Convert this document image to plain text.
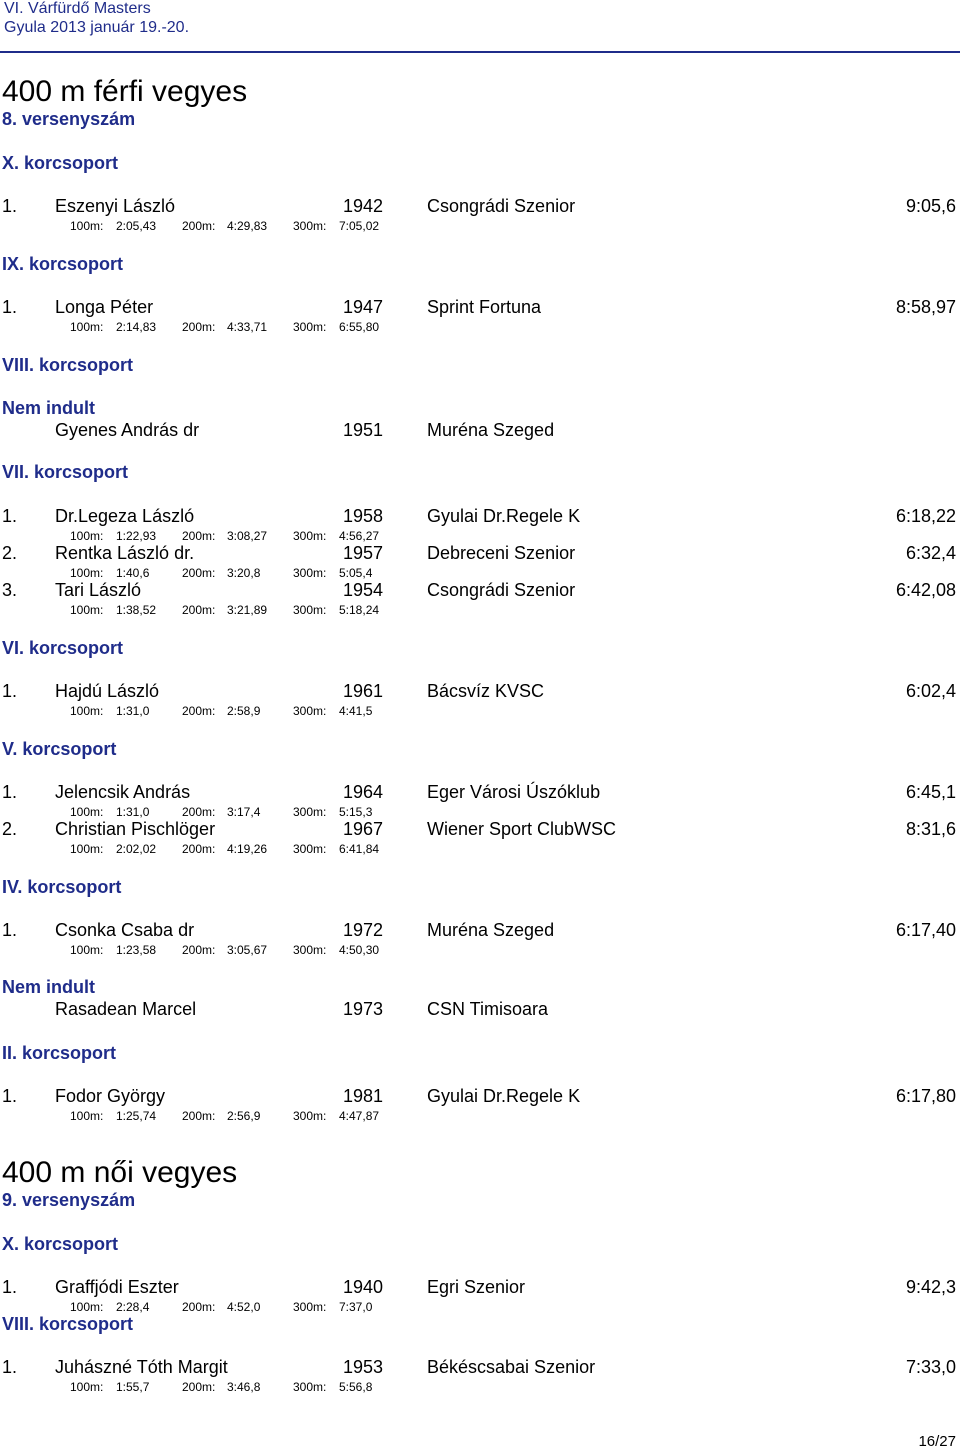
VI. Várfürdő Masters
Gyula 2013 január 19.-20.
400 m férfi vegyes
8. versenyszám
X. korcsoport
1. Eszenyi László	1942 Csongrádi Szenior	9:05,6
100m: 2:05,43 200m: 4:29,83 300m: 7:05,02
IX. korcsoport
1. Longa Péter	1947 Sprint Fortuna	8:58,97
100m: 2:14,83 200m: 4:33,71 300m: 6:55,80
VIII. korcsoport
Nem indult
Gyenes András dr	1951 Muréna Szeged
VII. korcsoport
1. Dr.Legeza László	1958 Gyulai Dr.Regele K	6:18,22
100m: 1:22,93 200m: 3:08,27 300m: 4:56,27
2. Rentka László dr.	1957 Debreceni Szenior	6:32,4
100m: 1:40,6	200m: 3:20,8	300m: 5:05,4
3. Tari László	1954 Csongrádi Szenior	6:42,08
100m: 1:38,52 200m: 3:21,89 300m: 5:18,24
VI. korcsoport
1. Hajdú László	1961 Bácsvíz KVSC	6:02,4
100m: 1:31,0	200m: 2:58,9	300m: 4:41,5
V. korcsoport
1. Jelencsik András	1964 Eger Városi Úszóklub	6:45,1
100m: 1:31,0	200m: 3:17,4	300m: 5:15,3
2. Christian Pischlöger	1967 Wiener Sport ClubWSC	8:31,6
100m: 2:02,02 200m: 4:19,26 300m: 6:41,84
IV. korcsoport
1. Csonka Csaba dr	1972 Muréna Szeged	6:17,40
100m: 1:23,58 200m: 3:05,67 300m: 4:50,30
Nem indult
Rasadean Marcel	1973 CSN Timisoara
II. korcsoport
1. Fodor György	1981 Gyulai Dr.Regele K	6:17,80
100m: 1:25,74 200m: 2:56,9	300m: 4:47,87
400 m női vegyes
9. versenyszám
X. korcsoport
1. Graffjódi Eszter	1940 Egri Szenior	9:42,3
100m: 2:28,4	200m: 4:52,0	300m: 7:37,0
VIII. korcsoport
1. Juhászné Tóth Margit	1953 Békéscsabai Szenior	7:33,0
100m: 1:55,7	200m: 3:46,8	300m: 5:56,8
16/27
